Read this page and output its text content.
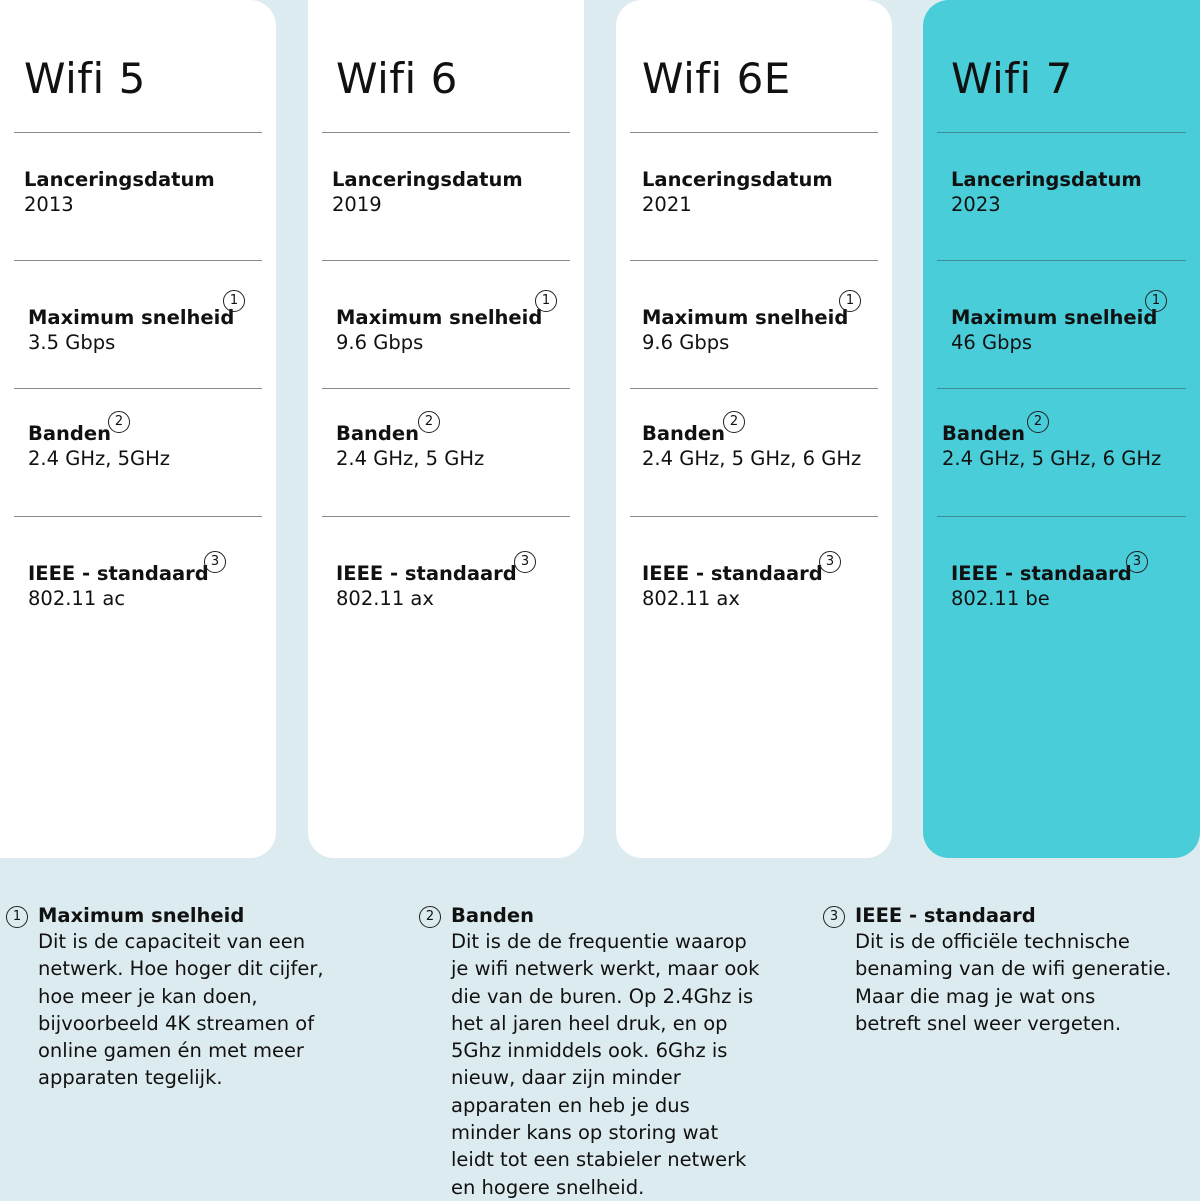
Wifi 5
Lanceringsdatum
2013
Maximum snelheid
3.5 Gbps
1
Banden
2.4 GHz, 5GHz
2
IEEE - standaard
802.11 ac
3
Wifi 6
Lanceringsdatum
2019
Maximum snelheid
9.6 Gbps
1
Banden
2.4 GHz, 5 GHz
2
IEEE - standaard
802.11 ax
3
Wifi 6E
Lanceringsdatum
2021
Maximum snelheid
9.6 Gbps
1
Banden
2.4 GHz, 5 GHz, 6 GHz
2
IEEE - standaard
802.11 ax
3
Wifi 7
Lanceringsdatum
2023
Maximum snelheid
46 Gbps
1
Banden
2.4 GHz, 5 GHz, 6 GHz
2
IEEE - standaard
802.11 be
3
1 Maximum snelheid
Dit is de capaciteit van een
netwerk. Hoe hoger dit cijfer,
hoe meer je kan doen,
bijvoorbeeld 4K streamen of
online gamen én met meer
apparaten tegelijk.
2 Banden
Dit is de de frequentie waarop
je wifi netwerk werkt, maar ook
die van de buren. Op 2.4Ghz is
het al jaren heel druk, en op
5Ghz inmiddels ook. 6Ghz is
nieuw, daar zijn minder
apparaten en heb je dus
minder kans op storing wat
leidt tot een stabieler netwerk
en hogere snelheid.
3 IEEE - standaard
Dit is de officiële technische
benaming van de wifi generatie.
Maar die mag je wat ons
betreft snel weer vergeten.
